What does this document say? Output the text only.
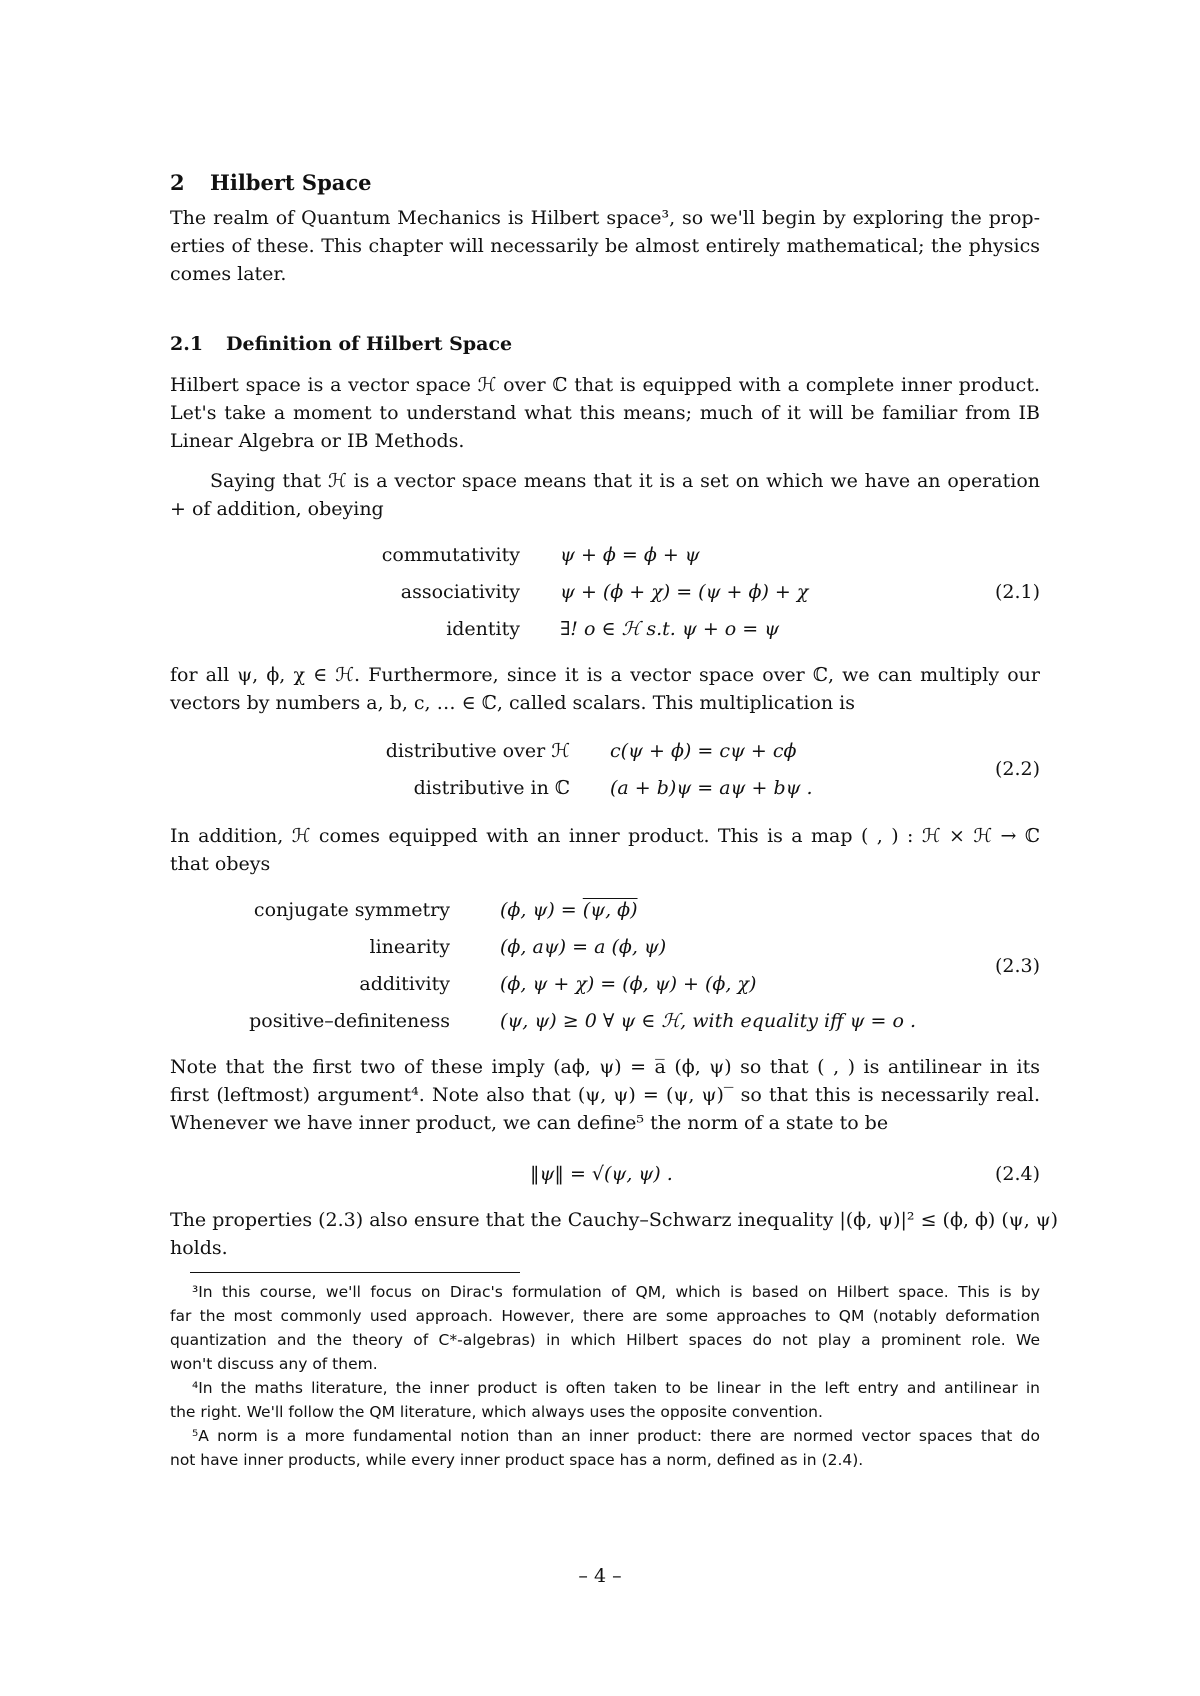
2 Hilbert Space
The realm of Quantum Mechanics is Hilbert space³, so we'll begin by exploring the prop-
erties of these. This chapter will necessarily be almost entirely mathematical; the physics
comes later.
2.1 Definition of Hilbert Space
Hilbert space is a vector space ℋ over ℂ that is equipped with a complete inner product.
Let's take a moment to understand what this means; much of it will be familiar from IB
Linear Algebra or IB Methods.
Saying that ℋ is a vector space means that it is a set on which we have an operation
+ of addition, obeying
commutativity ψ + ϕ = ϕ + ψ
associativity ψ + (ϕ + χ) = (ψ + ϕ) + χ
identity ∃! o ∈ ℋ s.t. ψ + o = ψ
(2.1)
for all ψ, ϕ, χ ∈ ℋ. Furthermore, since it is a vector space over ℂ, we can multiply our
vectors by numbers a, b, c, … ∈ ℂ, called scalars. This multiplication is
distributive over ℋ c(ψ + ϕ) = cψ + cϕ
distributive in ℂ (a + b)ψ = aψ + bψ .
(2.2)
In addition, ℋ comes equipped with an inner product. This is a map ( , ) : ℋ × ℋ → ℂ
that obeys
conjugate symmetry	(ϕ, ψ) = (ψ, ϕ)
linearity	(ϕ, aψ) = a (ϕ, ψ)
additivity	(ϕ, ψ + χ) = (ϕ, ψ) + (ϕ, χ)
positive–definiteness	(ψ, ψ) ≥ 0 ∀ ψ ∈ ℋ, with equality iff ψ = o .
(2.3)
Note that the first two of these imply (aϕ, ψ) = a̅ (ϕ, ψ) so that ( , ) is antilinear in its
first (leftmost) argument⁴. Note also that (ψ, ψ) = (ψ, ψ)‾ so that this is necessarily real.
Whenever we have inner product, we can define⁵ the norm of a state to be
‖ψ‖ = √(ψ, ψ) .	(2.4)
The properties (2.3) also ensure that the Cauchy–Schwarz inequality |(ϕ, ψ)|² ≤ (ϕ, ϕ) (ψ, ψ)
holds.
³In this course, we'll focus on Dirac's formulation of QM, which is based on Hilbert space. This is by
far the most commonly used approach. However, there are some approaches to QM (notably deformation
quantization and the theory of C*-algebras) in which Hilbert spaces do not play a prominent role. We
won't discuss any of them.
⁴In the maths literature, the inner product is often taken to be linear in the left entry and antilinear in
the right. We'll follow the QM literature, which always uses the opposite convention.
⁵A norm is a more fundamental notion than an inner product: there are normed vector spaces that do
not have inner products, while every inner product space has a norm, defined as in (2.4).
– 4 –
